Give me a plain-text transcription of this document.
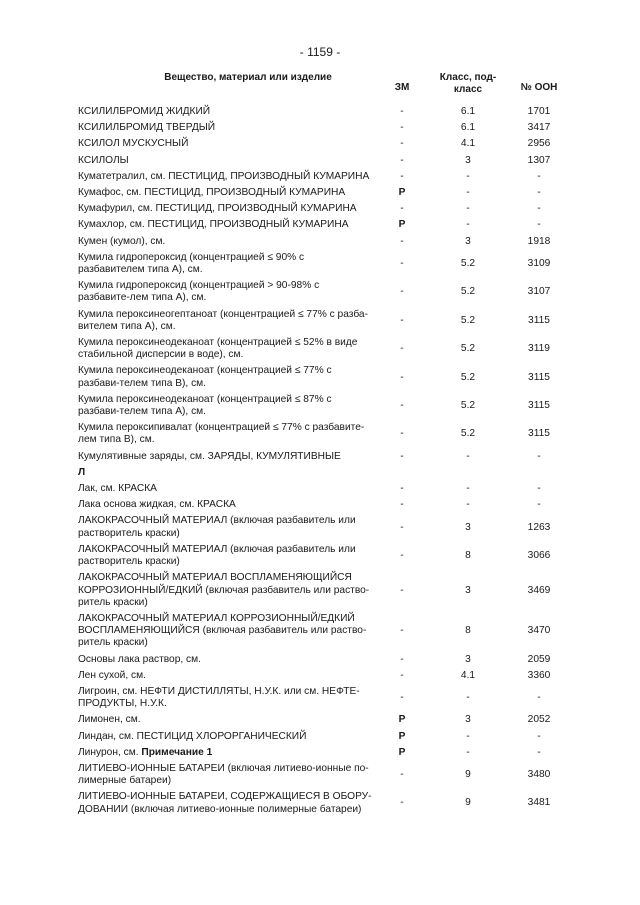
- 1159 -
Вещество, материал или изделие	ЗМ	Класс, под-класс	№ ООН
КСИЛИЛБРОМИД ЖИДКИЙ	-	6.1	1701
КСИЛИЛБРОМИД ТВЕРДЫЙ	-	6.1	3417
КСИЛОЛ МУСКУСНЫЙ	-	4.1	2956
КСИЛОЛЫ	-	3	1307
Куматетралил, см. ПЕСТИЦИД, ПРОИЗВОДНЫЙ КУМАРИНА	-	-	-
Кумафос, см. ПЕСТИЦИД, ПРОИЗВОДНЫЙ КУМАРИНА	Р	-	-
Кумафурил, см. ПЕСТИЦИД, ПРОИЗВОДНЫЙ КУМАРИНА	-	-	-
Кумахлор, см. ПЕСТИЦИД, ПРОИЗВОДНЫЙ КУМАРИНА	Р	-	-
Кумен (кумол), см.	-	3	1918
Кумила гидропероксид (концентрацией ≤ 90% с разбавителем типа А), см.	-	5.2	3109
Кумила гидропероксид (концентрацией > 90-98% с разбавите-лем типа А), см.	-	5.2	3107
Кумила пероксинеогептаноат (концентрацией ≤ 77% с разба-вителем типа А), см.	-	5.2	3115
Кумила пероксинеодеканоат (концентрацией ≤ 52% в виде стабильной дисперсии в воде), см.	-	5.2	3119
Кумила пероксинеодеканоат (концентрацией ≤ 77% с разбави-телем типа В), см.	-	5.2	3115
Кумила пероксинеодеканоат (концентрацией ≤ 87% с разбави-телем типа А), см.	-	5.2	3115
Кумила пероксипивалат (концентрацией ≤ 77% с разбавите-лем типа В), см.	-	5.2	3115
Кумулятивные заряды, см. ЗАРЯДЫ, КУМУЛЯТИВНЫЕ	-	-	-
Л			
Лак, см. КРАСКА	-	-	-
Лака основа жидкая, см. КРАСКА	-	-	-
ЛАКОКРАСОЧНЫЙ МАТЕРИАЛ (включая разбавитель или растворитель краски)	-	3	1263
ЛАКОКРАСОЧНЫЙ МАТЕРИАЛ (включая разбавитель или растворитель краски)	-	8	3066
ЛАКОКРАСОЧНЫЙ МАТЕРИАЛ ВОСПЛАМЕНЯЮЩИЙСЯ КОРРОЗИОННЫЙ/ЕДКИЙ (включая разбавитель или раство-ритель краски)	-	3	3469
ЛАКОКРАСОЧНЫЙ МАТЕРИАЛ КОРРОЗИОННЫЙ/ЕДКИЙ ВОСПЛАМЕНЯЮЩИЙСЯ (включая разбавитель или раство-ритель краски)	-	8	3470
Основы лака раствор, см.	-	3	2059
Лен сухой, см.	-	4.1	3360
Лигроин, см. НЕФТИ ДИСТИЛЛЯТЫ, Н.У.К. или см. НЕФТЕ-ПРОДУКТЫ, Н.У.К.	-	-	-
Лимонен, см.	Р	3	2052
Линдан, см. ПЕСТИЦИД ХЛОРОРГАНИЧЕСКИЙ	Р	-	-
Линурон, см. Примечание 1	Р	-	-
ЛИТИЕВО-ИОННЫЕ БАТАРЕИ (включая литиево-ионные по-лимерные батареи)	-	9	3480
ЛИТИЕВО-ИОННЫЕ БАТАРЕИ, СОДЕРЖАЩИЕСЯ В ОБОРУ-ДОВАНИИ (включая литиево-ионные полимерные батареи)	-	9	3481
